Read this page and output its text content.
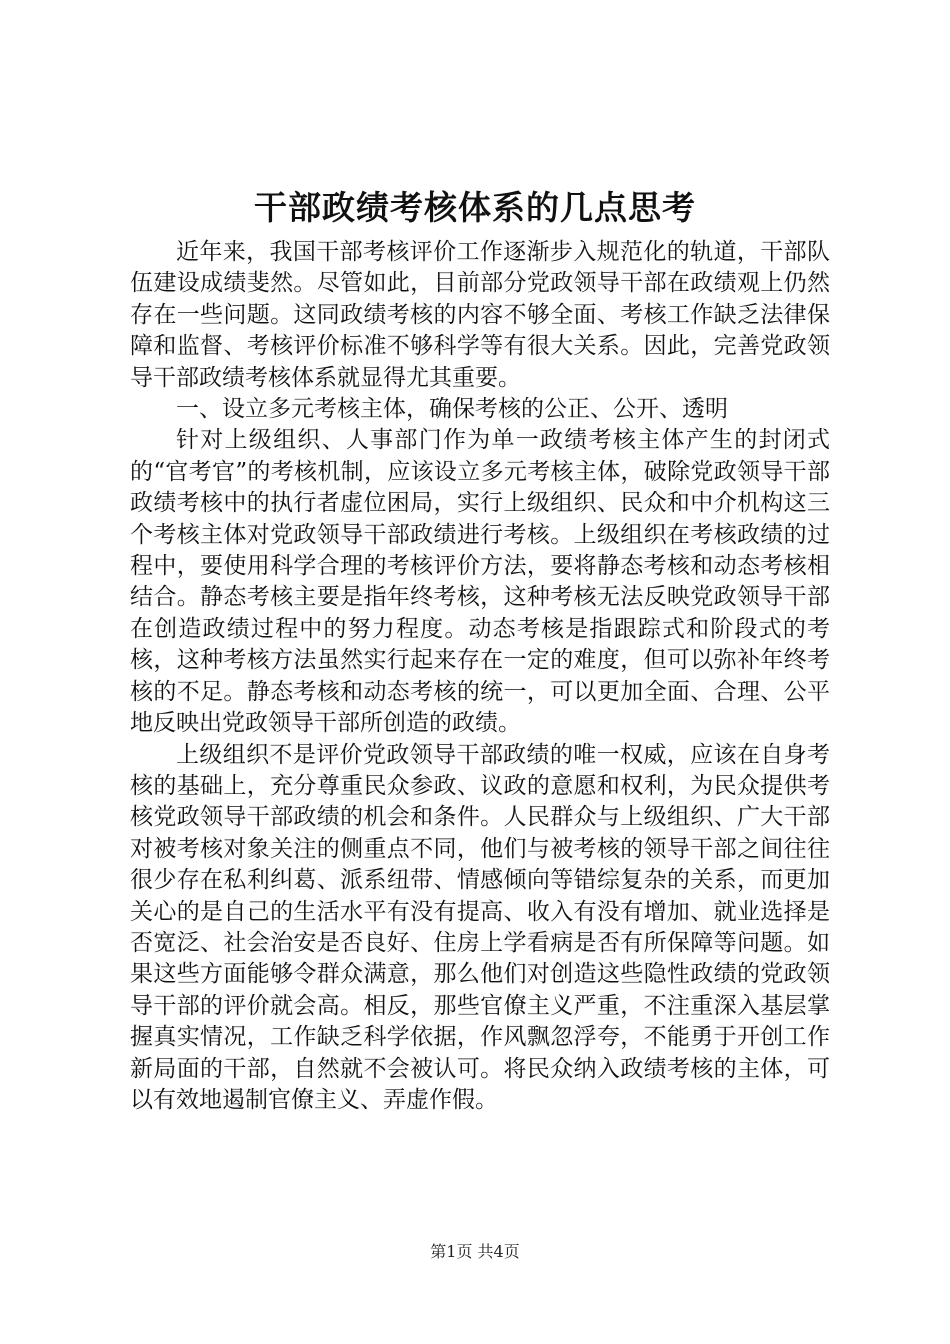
干部政绩考核体系的几点思考

近年来，我国干部考核评价工作逐渐步入规范化的轨道，干部队伍建设成绩斐然。尽管如此，目前部分党政领导干部在政绩观上仍然存在一些问题。这同政绩考核的内容不够全面、考核工作缺乏法律保障和监督、考核评价标准不够科学等有很大关系。因此，完善党政领导干部政绩考核体系就显得尤其重要。

一、设立多元考核主体，确保考核的公正、公开、透明

针对上级组织、人事部门作为单一政绩考核主体产生的封闭式的“官考官”的考核机制，应该设立多元考核主体，破除党政领导干部政绩考核中的执行者虚位困局，实行上级组织、民众和中介机构这三个考核主体对党政领导干部政绩进行考核。上级组织在考核政绩的过程中，要使用科学合理的考核评价方法，要将静态考核和动态考核相结合。静态考核主要是指年终考核，这种考核无法反映党政领导干部在创造政绩过程中的努力程度。动态考核是指跟踪式和阶段式的考核，这种考核方法虽然实行起来存在一定的难度，但可以弥补年终考核的不足。静态考核和动态考核的统一，可以更加全面、合理、公平地反映出党政领导干部所创造的政绩。

上级组织不是评价党政领导干部政绩的唯一权威，应该在自身考核的基础上，充分尊重民众参政、议政的意愿和权利，为民众提供考核党政领导干部政绩的机会和条件。人民群众与上级组织、广大干部对被考核对象关注的侧重点不同，他们与被考核的领导干部之间往往很少存在私利纠葛、派系纽带、情感倾向等错综复杂的关系，而更加关心的是自己的生活水平有没有提高、收入有没有增加、就业选择是否宽泛、社会治安是否良好、住房上学看病是否有所保障等问题。如果这些方面能够令群众满意，那么他们对创造这些隐性政绩的党政领导干部的评价就会高。相反，那些官僚主义严重，不注重深入基层掌握真实情况，工作缺乏科学依据，作风飘忽浮夸，不能勇于开创工作新局面的干部，自然就不会被认可。将民众纳入政绩考核的主体，可以有效地遏制官僚主义、弄虚作假。

第1页 共4页
